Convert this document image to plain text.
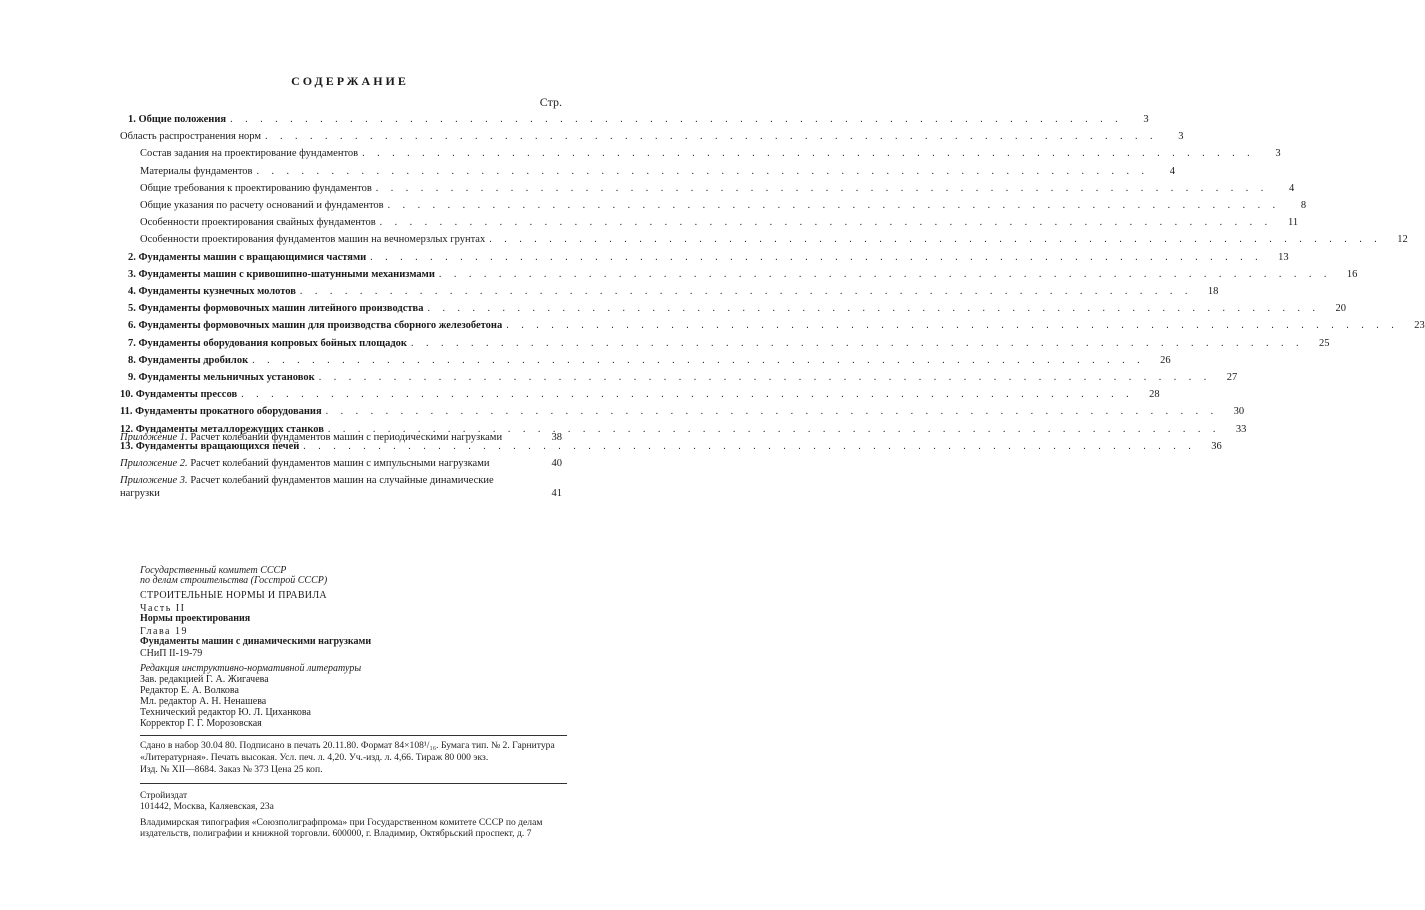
СОДЕРЖАНИЕ
Стр.
1. Общие положения . . . . . . . . . . . . . . . . . . . . . . . . . . . . . . . . . . . . . . . . . . . . . . . . . . . . . . . . . . . .	3
Область распространения норм . . . . . . . . . . . . . . . . . . . . . . . . . . . . . . . . . . . . . . . . . . . . . . . . . . . . . . . . . . . .	3
Состав задания на проектирование фундаментов . . . . . . . . . . . . . . . . . . . . . . . . . . . . . . . . . . . . . . . . . . . . . . . . . . . . . . . . . . . .	3
Материалы фундаментов . . . . . . . . . . . . . . . . . . . . . . . . . . . . . . . . . . . . . . . . . . . . . . . . . . . . . . . . . . . .	4
Общие требования к проектированию фундаментов . . . . . . . . . . . . . . . . . . . . . . . . . . . . . . . . . . . . . . . . . . . . . . . . . . . . . . . . . . . .	4
Общие указания по расчету оснований и фундаментов . . . . . . . . . . . . . . . . . . . . . . . . . . . . . . . . . . . . . . . . . . . . . . . . . . . . . . . . . . . .	8
Особенности проектирования свайных фундаментов . . . . . . . . . . . . . . . . . . . . . . . . . . . . . . . . . . . . . . . . . . . . . . . . . . . . . . . . . . . .	11
Особенности проектирования фундаментов машин на вечномерзлых грунтах . . . . . . . . . . . . . . . . . . . . . . . . . . . . . . . . . . . . . . . . . . . . . . . . . . . . . . . . . . . .	12
2. Фундаменты машин с вращающимися частями . . . . . . . . . . . . . . . . . . . . . . . . . . . . . . . . . . . . . . . . . . . . . . . . . . . . . . . . . . . .	13
3. Фундаменты машин с кривошипно-шатунными механизмами . . . . . . . . . . . . . . . . . . . . . . . . . . . . . . . . . . . . . . . . . . . . . . . . . . . . . . . . . . . .	16
4. Фундаменты кузнечных молотов . . . . . . . . . . . . . . . . . . . . . . . . . . . . . . . . . . . . . . . . . . . . . . . . . . . . . . . . . . . .	18
5. Фундаменты формовочных машин литейного производства . . . . . . . . . . . . . . . . . . . . . . . . . . . . . . . . . . . . . . . . . . . . . . . . . . . . . . . . . . . .	20
6. Фундаменты формовочных машин для производства сборного железобетона . . . . . . . . . . . . . . . . . . . . . . . . . . . . . . . . . . . . . . . . . . . . . . . . . . . . . . . . . . . .	23
7. Фундаменты оборудования копровых бойных площадок . . . . . . . . . . . . . . . . . . . . . . . . . . . . . . . . . . . . . . . . . . . . . . . . . . . . . . . . . . . .	25
8. Фундаменты дробилок . . . . . . . . . . . . . . . . . . . . . . . . . . . . . . . . . . . . . . . . . . . . . . . . . . . . . . . . . . . .	26
9. Фундаменты мельничных установок . . . . . . . . . . . . . . . . . . . . . . . . . . . . . . . . . . . . . . . . . . . . . . . . . . . . . . . . . . . .	27
10. Фундаменты прессов . . . . . . . . . . . . . . . . . . . . . . . . . . . . . . . . . . . . . . . . . . . . . . . . . . . . . . . . . . . .	28
11. Фундаменты прокатного оборудования . . . . . . . . . . . . . . . . . . . . . . . . . . . . . . . . . . . . . . . . . . . . . . . . . . . . . . . . . . . .	30
12. Фундаменты металлорежущих станков . . . . . . . . . . . . . . . . . . . . . . . . . . . . . . . . . . . . . . . . . . . . . . . . . . . . . . . . . . . .	33
13. Фундаменты вращающихся печей . . . . . . . . . . . . . . . . . . . . . . . . . . . . . . . . . . . . . . . . . . . . . . . . . . . . . . . . . . . .	36
Приложение 1. Расчет колебаний фундаментов машин с периодическими нагрузками	38
Приложение 2. Расчет колебаний фундаментов машин с импульсными нагрузками	40
Приложение 3. Расчет колебаний фундаментов машин на случайные динамические нагрузки	41
Государственный комитет СССР
по делам строительства (Госстрой СССР)
СТРОИТЕЛЬНЫЕ НОРМЫ И ПРАВИЛА
Часть II
Нормы проектирования
Глава 19
Фундаменты машин с динамическими нагрузками
СНиП II-19-79
Редакция инструктивно-нормативной литературы
Зав. редакцией Г. А. Жигачева
Редактор Е. А. Волкова
Мл. редактор А. Н. Ненашева
Технический редактор Ю. Л. Циханкова
Корректор Г. Г. Морозовская
Сдано в набор 30.04 80. Подписано в печать 20.11.80. Формат 84×108¹/₁₆. Бумага тип. № 2. Гарнитура
«Литературная». Печать высокая. Усл. печ. л. 4,20. Уч.-изд. л. 4,66. Тираж 80 000 экз.
Изд. № XII—8684. Заказ № 373 Цена 25 коп.
Стройиздат
101442, Москва, Каляевская, 23а
Владимирская типография «Союзполиграфпрома» при Государственном комитете СССР по делам
издательств, полиграфии и книжной торговли. 600000, г. Владимир, Октябрьский проспект, д. 7
